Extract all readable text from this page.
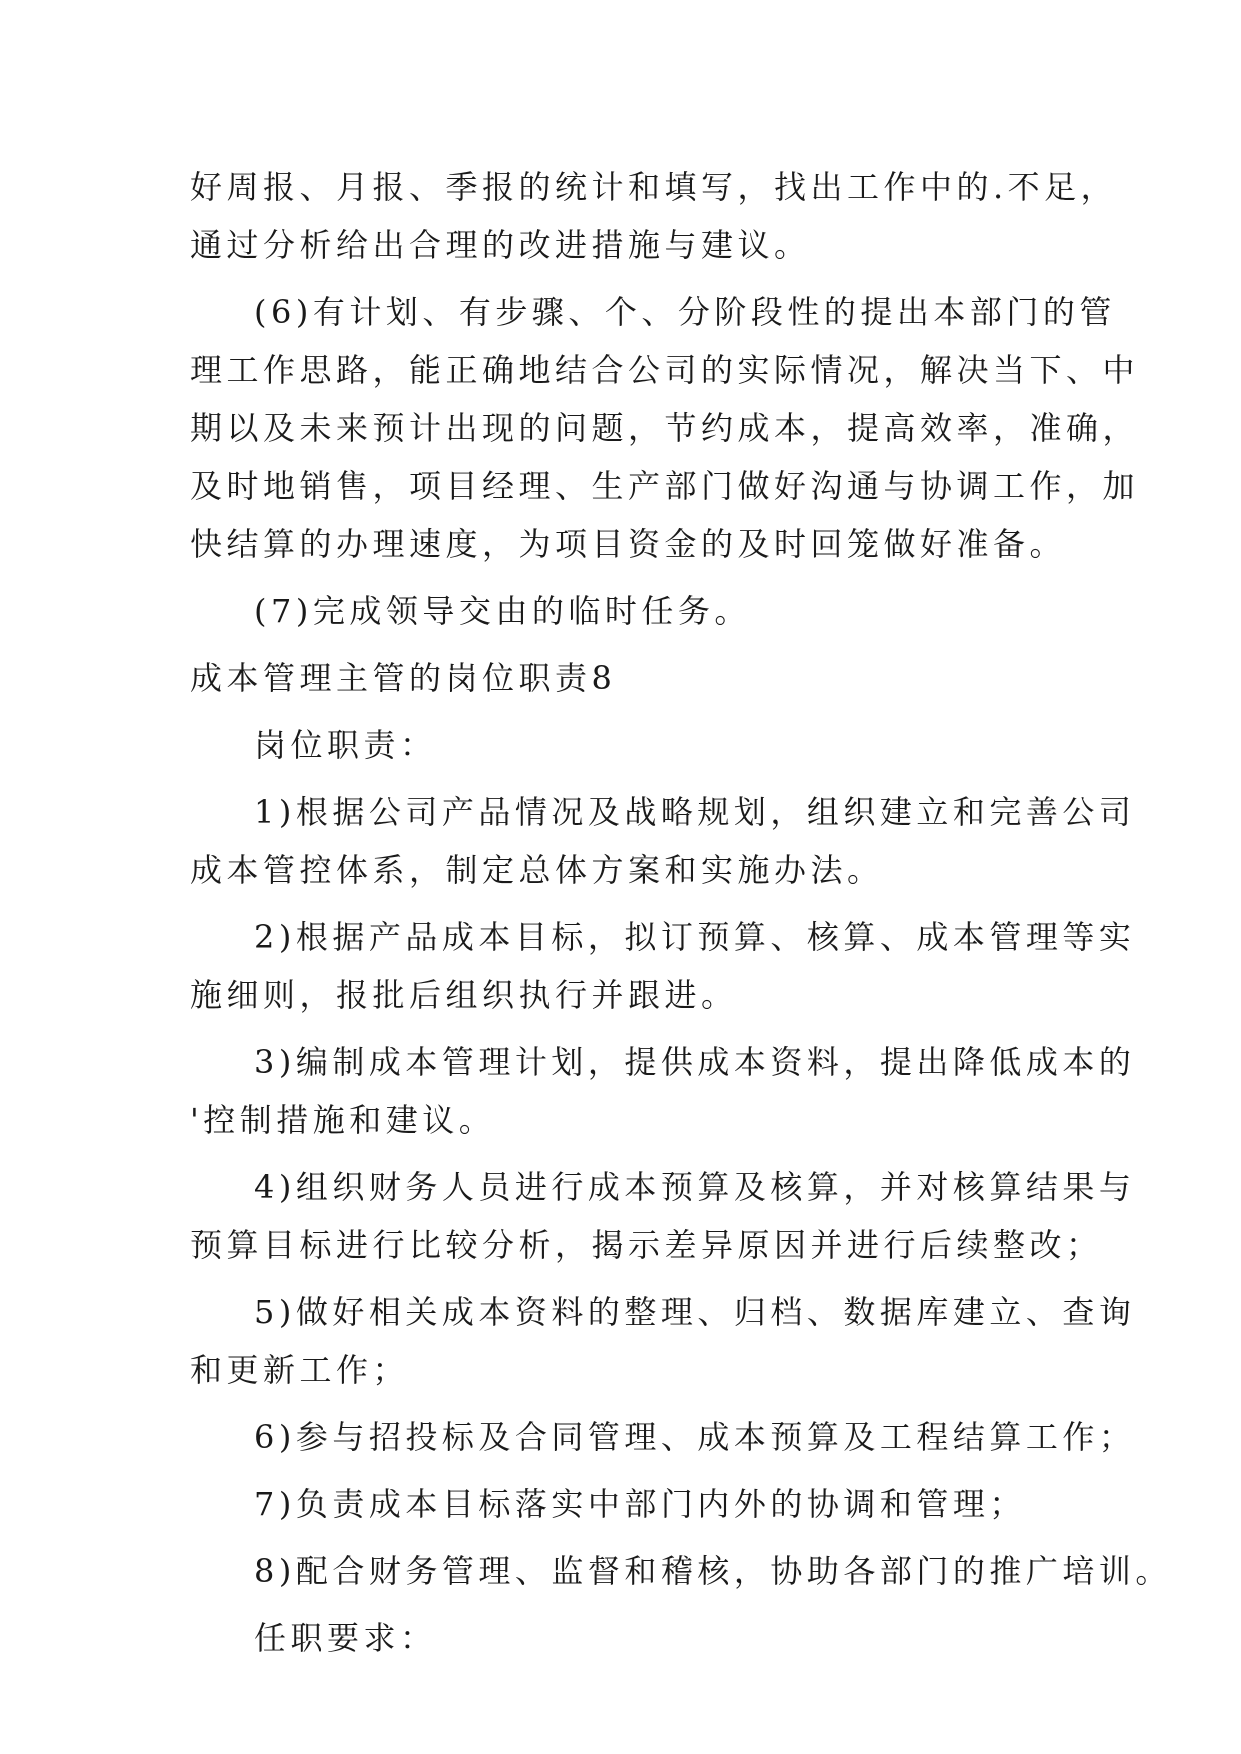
好周报、月报、季报的统计和填写，找出工作中的.不足，
通过分析给出合理的改进措施与建议。
(6)有计划、有步骤、个、分阶段性的提出本部门的管
理工作思路，能正确地结合公司的实际情况，解决当下、中
期以及未来预计出现的问题，节约成本，提高效率，准确，
及时地销售，项目经理、生产部门做好沟通与协调工作，加
快结算的办理速度，为项目资金的及时回笼做好准备。
(7)完成领导交由的临时任务。
成本管理主管的岗位职责8
岗位职责：
1)根据公司产品情况及战略规划，组织建立和完善公司
成本管控体系，制定总体方案和实施办法。
2)根据产品成本目标，拟订预算、核算、成本管理等实
施细则，报批后组织执行并跟进。
3)编制成本管理计划，提供成本资料，提出降低成本的
'控制措施和建议。
4)组织财务人员进行成本预算及核算，并对核算结果与
预算目标进行比较分析，揭示差异原因并进行后续整改；
5)做好相关成本资料的整理、归档、数据库建立、查询
和更新工作；
6)参与招投标及合同管理、成本预算及工程结算工作；
7)负责成本目标落实中部门内外的协调和管理；
8)配合财务管理、监督和稽核，协助各部门的推广培训。
任职要求：
